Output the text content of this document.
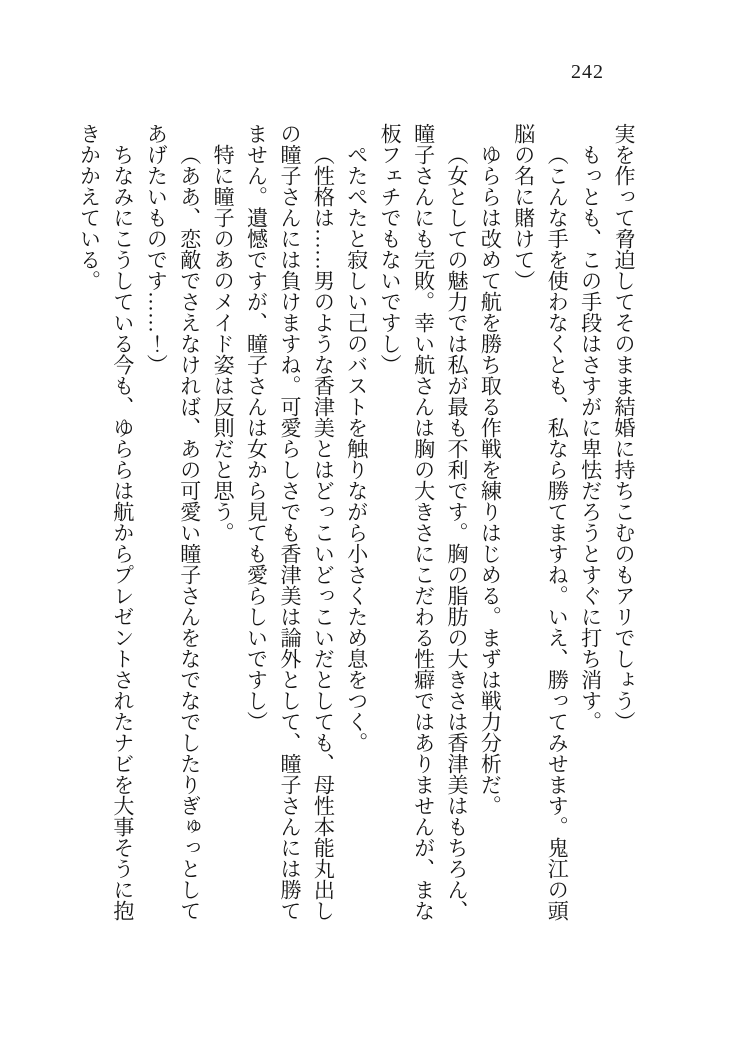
242

実を作って脅迫してそのまま結婚に持ちこむのもアリでしょう）

もっとも、この手段はさすがに卑怯だろうとすぐに打ち消す。

（こんな手を使わなくとも、私なら勝てますね。いえ、勝ってみせます。鬼江の頭脳の名に賭けて）

ゆららは改めて航を勝ち取る作戦を練りはじめる。まずは戦力分析だ。

（女としての魅力では私が最も不利です。胸の脂肪の大きさは香津美はもちろん、瞳子さんにも完敗。幸い航さんは胸の大きさにこだわる性癖ではありませんが、まな板フェチでもないですし）

ぺたぺたと寂しい己のバストを触りながら小さくため息をつく。

（性格は……男のような香津美とはどっこいどっこいだとしても、母性本能丸出しの瞳子さんには負けますね。可愛らしさでも香津美は論外として、瞳子さんには勝てません。遺憾ですが、瞳子さんは女から見ても愛らしいですし）

特に瞳子のあのメイド姿は反則だと思う。

（ああ、恋敵でさえなければ、あの可愛い瞳子さんをなでなでしたりぎゅっとしてあげたいものです……！）

ちなみにこうしている今も、ゆららは航からプレゼントされたナビを大事そうに抱きかかえている。
